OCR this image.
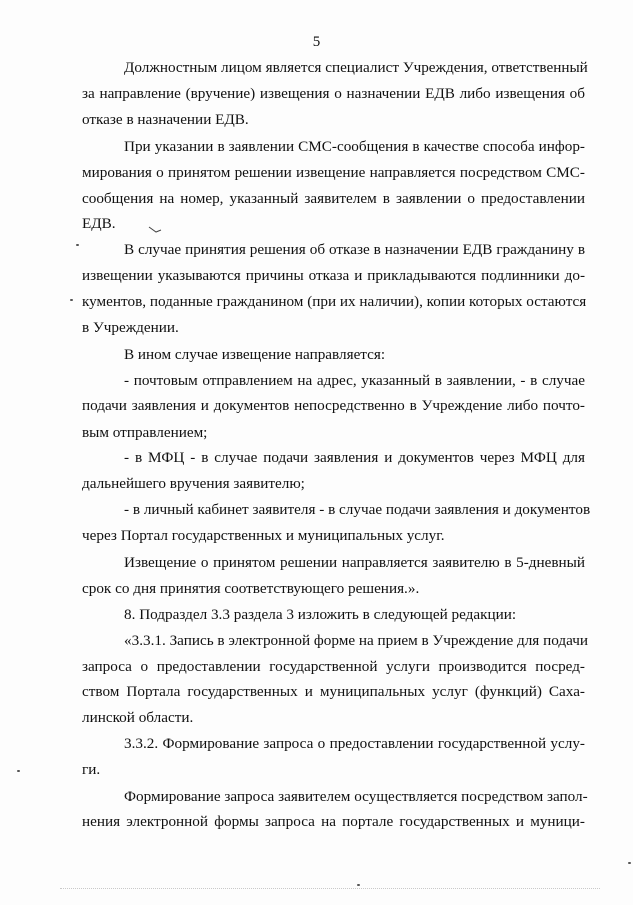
5
Должностным лицом является специалист Учреждения, ответственный
за направление (вручение) извещения о назначении ЕДВ либо извещения об
отказе в назначении ЕДВ.
При указании в заявлении СМС-сообщения в качестве способа инфор-
мирования о принятом решении извещение направляется посредством СМС-
сообщения на номер, указанный заявителем в заявлении о предоставлении
ЕДВ.
В случае принятия решения об отказе в назначении ЕДВ гражданину в
извещении указываются причины отказа и прикладываются подлинники до-
кументов, поданные гражданином (при их наличии), копии которых остаются
в Учреждении.
В ином случае извещение направляется:
- почтовым отправлением на адрес, указанный в заявлении, - в случае
подачи заявления и документов непосредственно в Учреждение либо почто-
вым отправлением;
- в МФЦ - в случае подачи заявления и документов через МФЦ для
дальнейшего вручения заявителю;
- в личный кабинет заявителя - в случае подачи заявления и документов
через Портал государственных и муниципальных услуг.
Извещение о принятом решении направляется заявителю в 5-дневный
срок со дня принятия соответствующего решения.».
8. Подраздел 3.3 раздела 3 изложить в следующей редакции:
«3.3.1. Запись в электронной форме на прием в Учреждение для подачи
запроса о предоставлении государственной услуги производится посред-
ством Портала государственных и муниципальных услуг (функций) Саха-
линской области.
3.3.2. Формирование запроса о предоставлении государственной услу-
ги.
Формирование запроса заявителем осуществляется посредством запол-
нения электронной формы запроса на портале государственных и муници-
